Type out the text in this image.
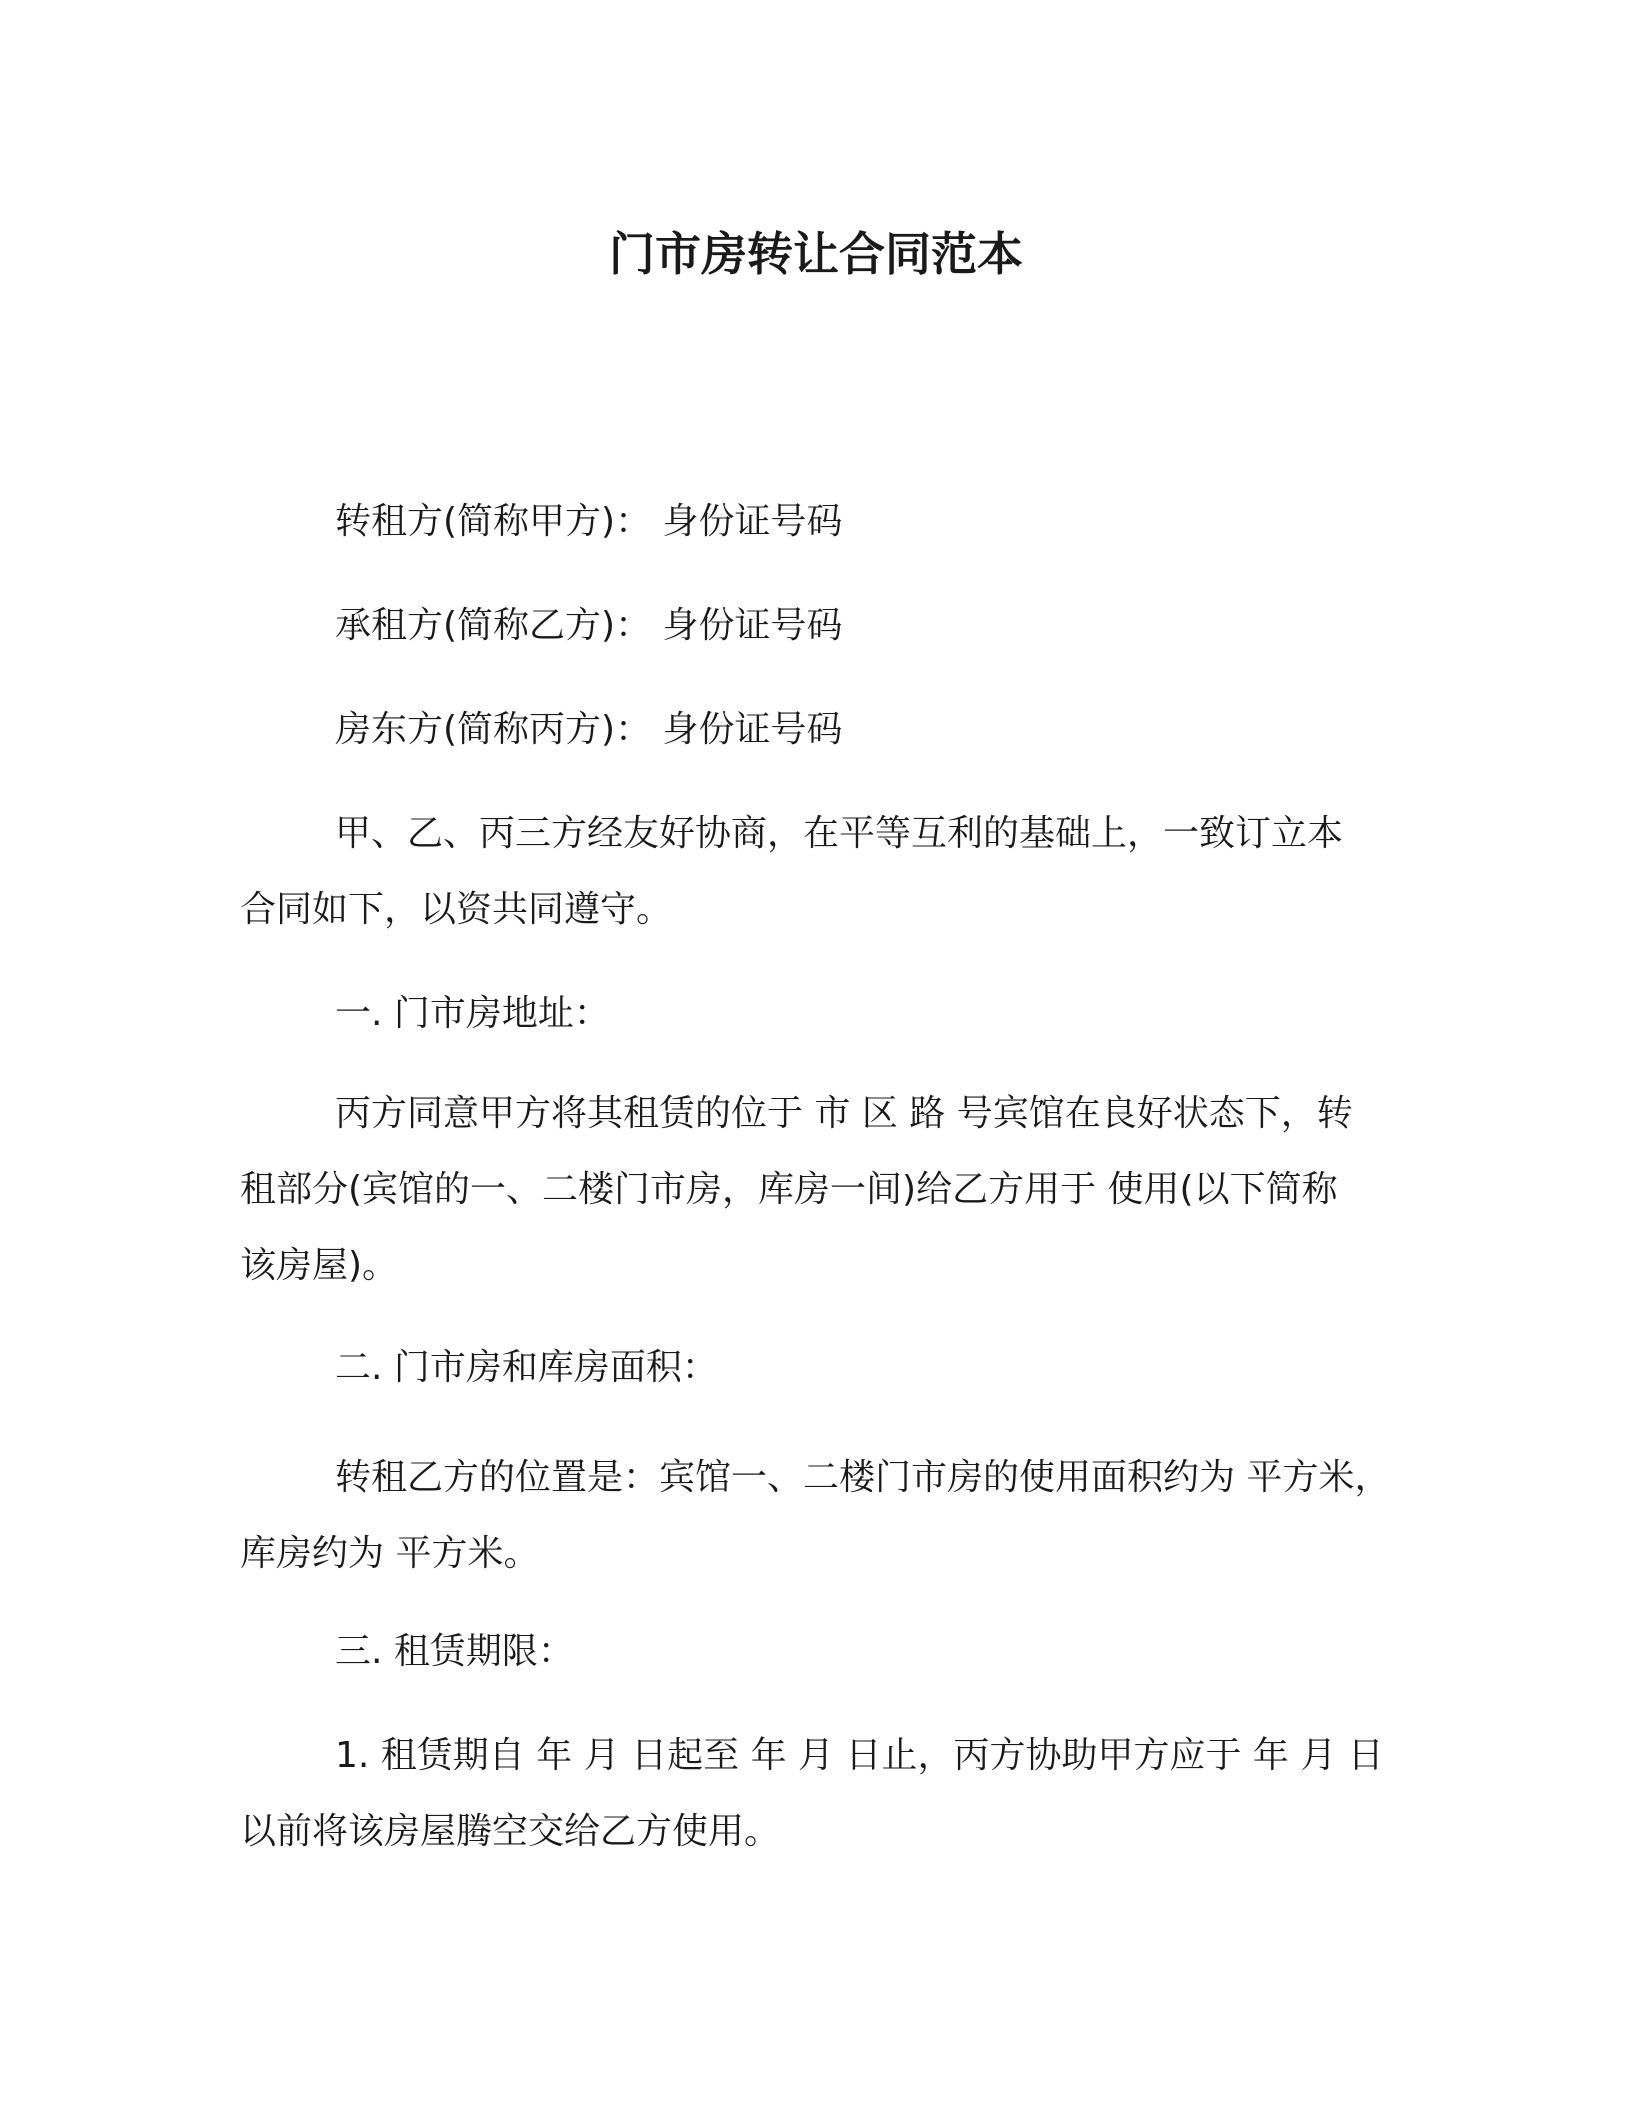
门市房转让合同范本
转租方(简称甲方)： 身份证号码
承租方(简称乙方)： 身份证号码
房东方(简称丙方)： 身份证号码
甲、乙、丙三方经友好协商，在平等互利的基础上，一致订立本
合同如下，以资共同遵守。
一. 门市房地址：
丙方同意甲方将其租赁的位于 市 区 路 号宾馆在良好状态下，转
租部分(宾馆的一、二楼门市房，库房一间)给乙方用于 使用(以下简称
该房屋)。
二. 门市房和库房面积：
转租乙方的位置是：宾馆一、二楼门市房的使用面积约为 平方米，
库房约为 平方米。
三. 租赁期限：
1. 租赁期自 年 月 日起至 年 月 日止，丙方协助甲方应于 年 月 日
以前将该房屋腾空交给乙方使用。
